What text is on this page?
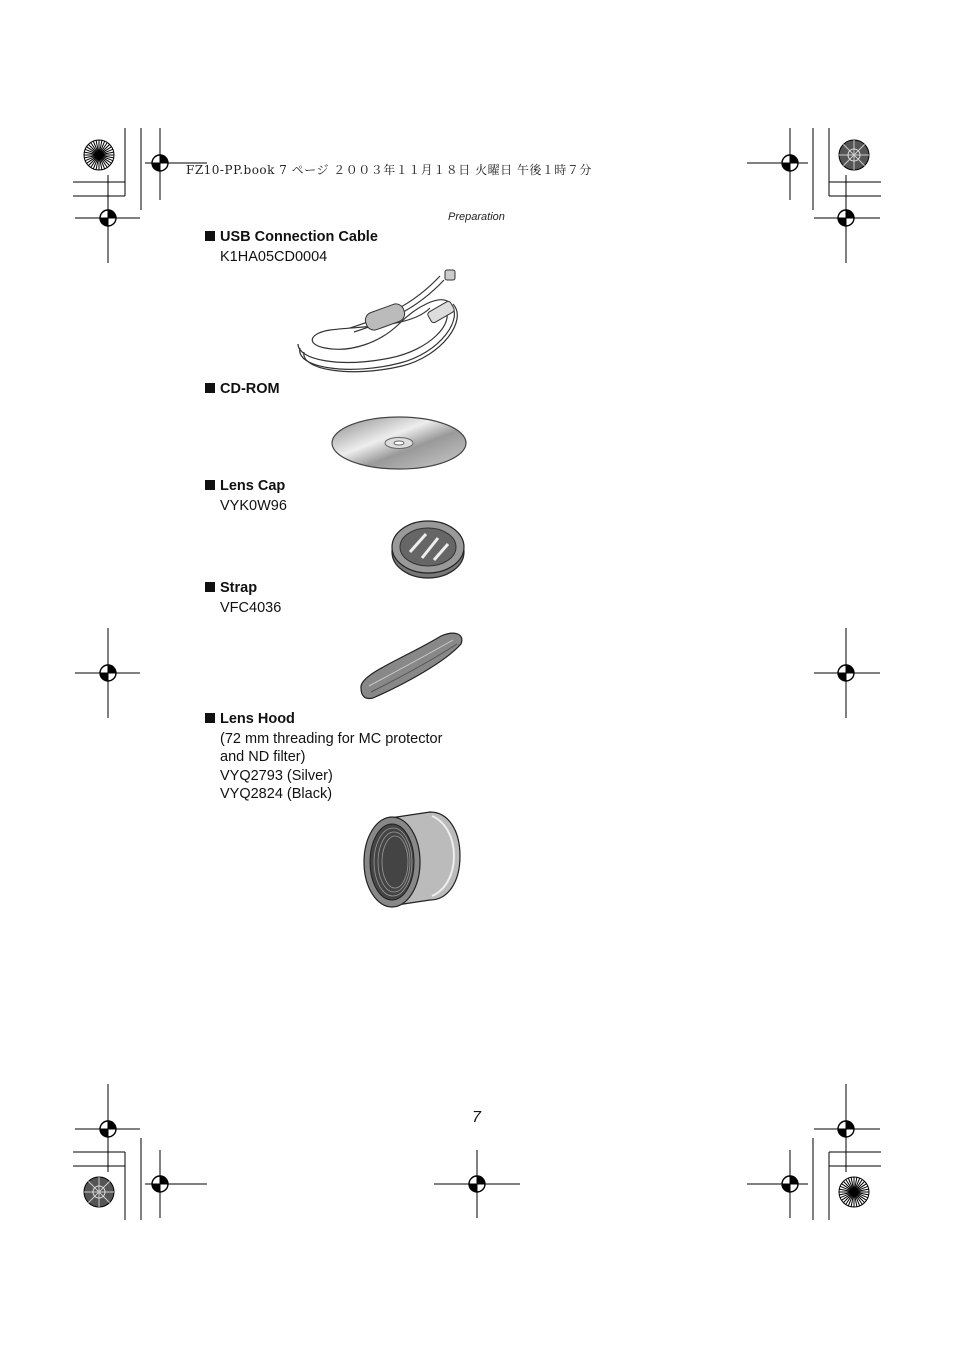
FZ10-PP.book 7 ページ ２００３年１１月１８日 火曜日 午後１時７分
Preparation
USB Connection Cable
K1HA05CD0004
CD-ROM
Lens Cap
VYK0W96
Strap
VFC4036
Lens Hood
(72 mm threading for MC protector
and ND filter)
VYQ2793 (Silver)
VYQ2824 (Black)
7
